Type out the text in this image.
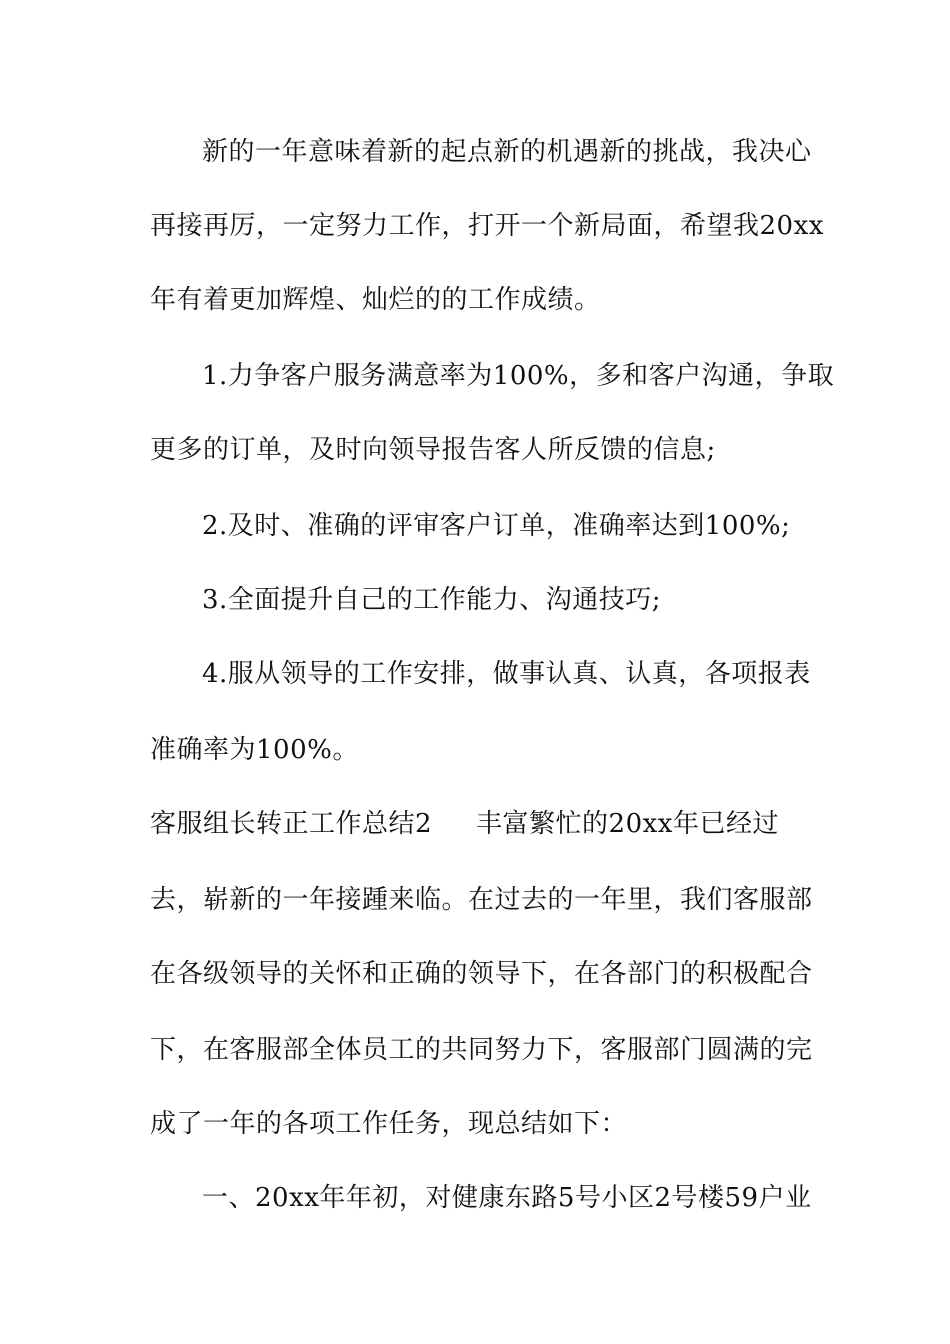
新的一年意味着新的起点新的机遇新的挑战，我决心
再接再厉，一定努力工作，打开一个新局面，希望我20xx
年有着更加辉煌、灿烂的的工作成绩。
1.力争客户服务满意率为100%，多和客户沟通，争取
更多的订单，及时向领导报告客人所反馈的信息;
2.及时、准确的评审客户订单，准确率达到100%;
3.全面提升自己的工作能力、沟通技巧;
4.服从领导的工作安排，做事认真、认真，各项报表
准确率为100%。
客服组长转正工作总结2 丰富繁忙的20xx年已经过
去，崭新的一年接踵来临。在过去的一年里，我们客服部
在各级领导的关怀和正确的领导下，在各部门的积极配合
下，在客服部全体员工的共同努力下，客服部门圆满的完
成了一年的各项工作任务，现总结如下：
一、20xx年年初，对健康东路5号小区2号楼59户业
